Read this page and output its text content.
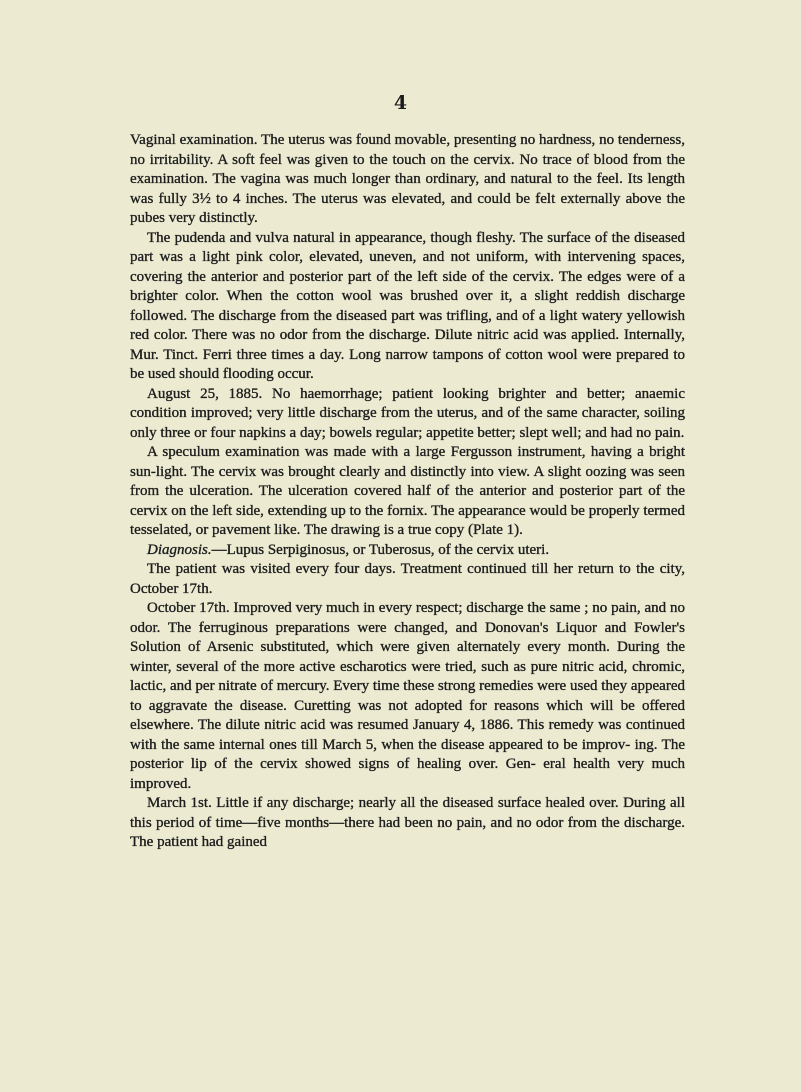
4

Vaginal examination. The uterus was found movable, presenting no hardness, no tenderness, no irritability. A soft feel was given to the touch on the cervix. No trace of blood from the examination. The vagina was much longer than ordinary, and natural to the feel. Its length was fully 3½ to 4 inches. The uterus was elevated, and could be felt externally above the pubes very distinctly.

The pudenda and vulva natural in appearance, though fleshy. The surface of the diseased part was a light pink color, elevated, uneven, and not uniform, with intervening spaces, covering the anterior and posterior part of the left side of the cervix. The edges were of a brighter color. When the cotton wool was brushed over it, a slight reddish discharge followed. The discharge from the diseased part was trifling, and of a light watery yellowish red color. There was no odor from the discharge. Dilute nitric acid was applied. Internally, Mur. Tinct. Ferri three times a day. Long narrow tampons of cotton wool were prepared to be used should flooding occur.

August 25, 1885. No haemorrhage; patient looking brighter and better; anaemic condition improved; very little discharge from the uterus, and of the same character, soiling only three or four napkins a day; bowels regular; appetite better; slept well; and had no pain.

A speculum examination was made with a large Fergusson instrument, having a bright sun-light. The cervix was brought clearly and distinctly into view. A slight oozing was seen from the ulceration. The ulceration covered half of the anterior and posterior part of the cervix on the left side, extending up to the fornix. The appearance would be properly termed tesselated, or pavement like. The drawing is a true copy (Plate 1).

Diagnosis.—Lupus Serpiginosus, or Tuberosus, of the cervix uteri.

The patient was visited every four days. Treatment continued till her return to the city, October 17th.

October 17th. Improved very much in every respect; discharge the same ; no pain, and no odor. The ferruginous preparations were changed, and Donovan's Liquor and Fowler's Solution of Arsenic substituted, which were given alternately every month. During the winter, several of the more active escharotics were tried, such as pure nitric acid, chromic, lactic, and per nitrate of mercury. Every time these strong remedies were used they appeared to aggravate the disease. Curetting was not adopted for reasons which will be offered elsewhere. The dilute nitric acid was resumed January 4, 1886. This remedy was continued with the same internal ones till March 5, when the disease appeared to be improv- ing. The posterior lip of the cervix showed signs of healing over. Gen- eral health very much improved.

March 1st. Little if any discharge; nearly all the diseased surface healed over. During all this period of time—five months—there had been no pain, and no odor from the discharge. The patient had gained
